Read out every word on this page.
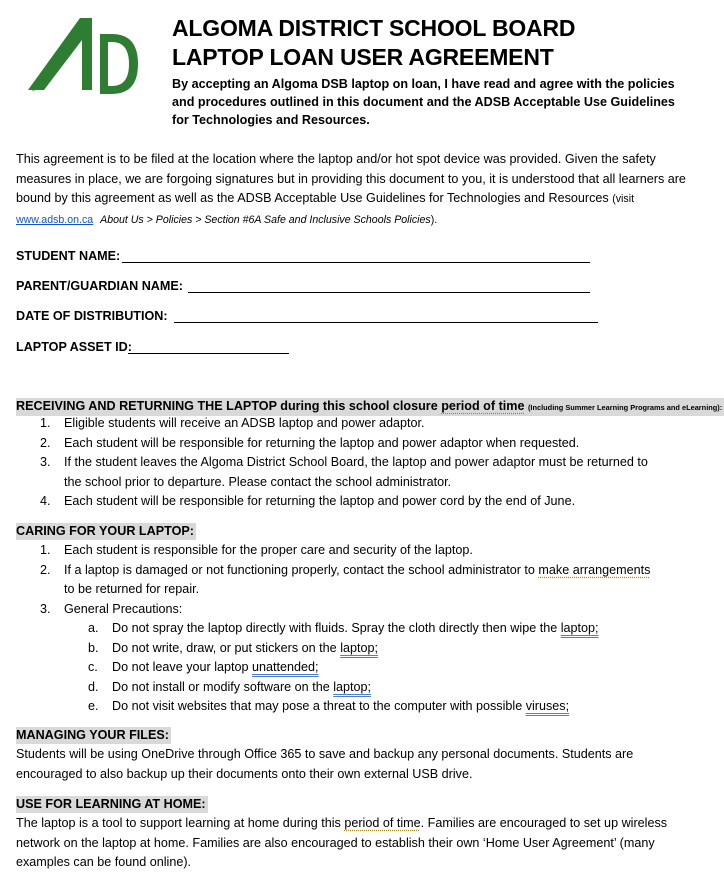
confident learners, caring citizens	ALGOMA DISTRICT SCHOOL BOARD
LAPTOP LOAN USER AGREEMENT
By accepting an Algoma DSB laptop on loan, I have read and agree with the policies and procedures outlined in this document and the ADSB Acceptable Use Guidelines for Technologies and Resources.
This agreement is to be filed at the location where the laptop and/or hot spot device was provided. Given the safety measures in place, we are forgoing signatures but in providing this document to you, it is understood that all learners are bound by this agreement as well as the ADSB Acceptable Use Guidelines for Technologies and Resources (visit www.adsb.on.ca About Us > Policies > Section #6A Safe and Inclusive Schools Policies).
STUDENT NAME:
PARENT/GUARDIAN NAME:
DATE OF DISTRIBUTION:
LAPTOP ASSET ID:
RECEIVING AND RETURNING THE LAPTOP during this school closure period of time (Including Summer Learning Programs and eLearning):
1. Eligible students will receive an ADSB laptop and power adaptor.
2. Each student will be responsible for returning the laptop and power adaptor when requested.
3. If the student leaves the Algoma District School Board, the laptop and power adaptor must be returned to the school prior to departure. Please contact the school administrator.
4. Each student will be responsible for returning the laptop and power cord by the end of June.
CARING FOR YOUR LAPTOP:
1. Each student is responsible for the proper care and security of the laptop.
2. If a laptop is damaged or not functioning properly, contact the school administrator to make arrangements to be returned for repair.
3. General Precautions:
a. Do not spray the laptop directly with fluids. Spray the cloth directly then wipe the laptop;
b. Do not write, draw, or put stickers on the laptop;
c. Do not leave your laptop unattended;
d. Do not install or modify software on the laptop;
e. Do not visit websites that may pose a threat to the computer with possible viruses;
MANAGING YOUR FILES:
Students will be using OneDrive through Office 365 to save and backup any personal documents. Students are encouraged to also backup up their documents onto their own external USB drive.
USE FOR LEARNING AT HOME:
The laptop is a tool to support learning at home during this period of time. Families are encouraged to set up wireless network on the laptop at home. Families are also encouraged to establish their own ‘Home User Agreement’ (many examples can be found online).
